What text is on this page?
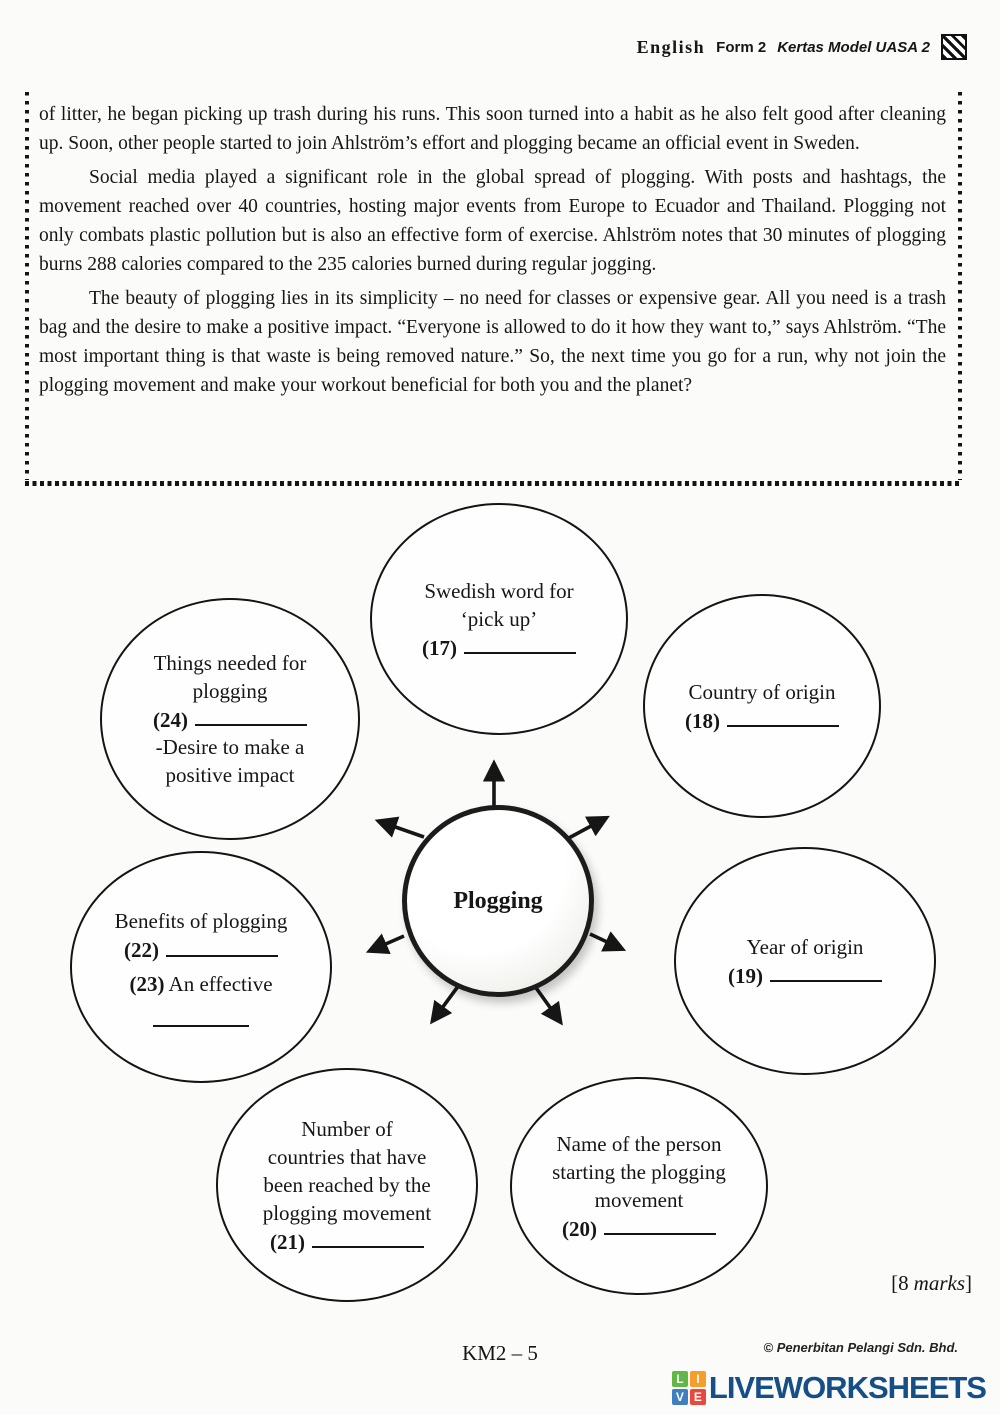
English Form 2 Kertas Model UASA 2

of litter, he began picking up trash during his runs. This soon turned into a habit as he also felt good after cleaning up. Soon, other people started to join Ahlström’s effort and plogging became an official event in Sweden.

Social media played a significant role in the global spread of plogging. With posts and hashtags, the movement reached over 40 countries, hosting major events from Europe to Ecuador and Thailand. Plogging not only combats plastic pollution but is also an effective form of exercise. Ahlström notes that 30 minutes of plogging burns 288 calories compared to the 235 calories burned during regular jogging.

The beauty of plogging lies in its simplicity – no need for classes or expensive gear. All you need is a trash bag and the desire to make a positive impact. “Everyone is allowed to do it how they want to,” says Ahlström. “The most important thing is that waste is being removed nature.” So, the next time you go for a run, why not join the plogging movement and make your workout beneficial for both you and the planet?

Swedish word for
‘pick up’
(17)
Things needed for
plogging
(24)
-Desire to make a
positive impact
Country of origin
(18)
Benefits of plogging
(22)
(23) An effective
Year of origin
(19)
Number of
countries that have
been reached by the
plogging movement
(21)
Name of the person
starting the plogging
movement
(20)
Plogging
[8 marks]
KM2 – 5	© Penerbitan Pelangi Sdn. Bhd.
L	I
V E LIVEWORKSHEETS
